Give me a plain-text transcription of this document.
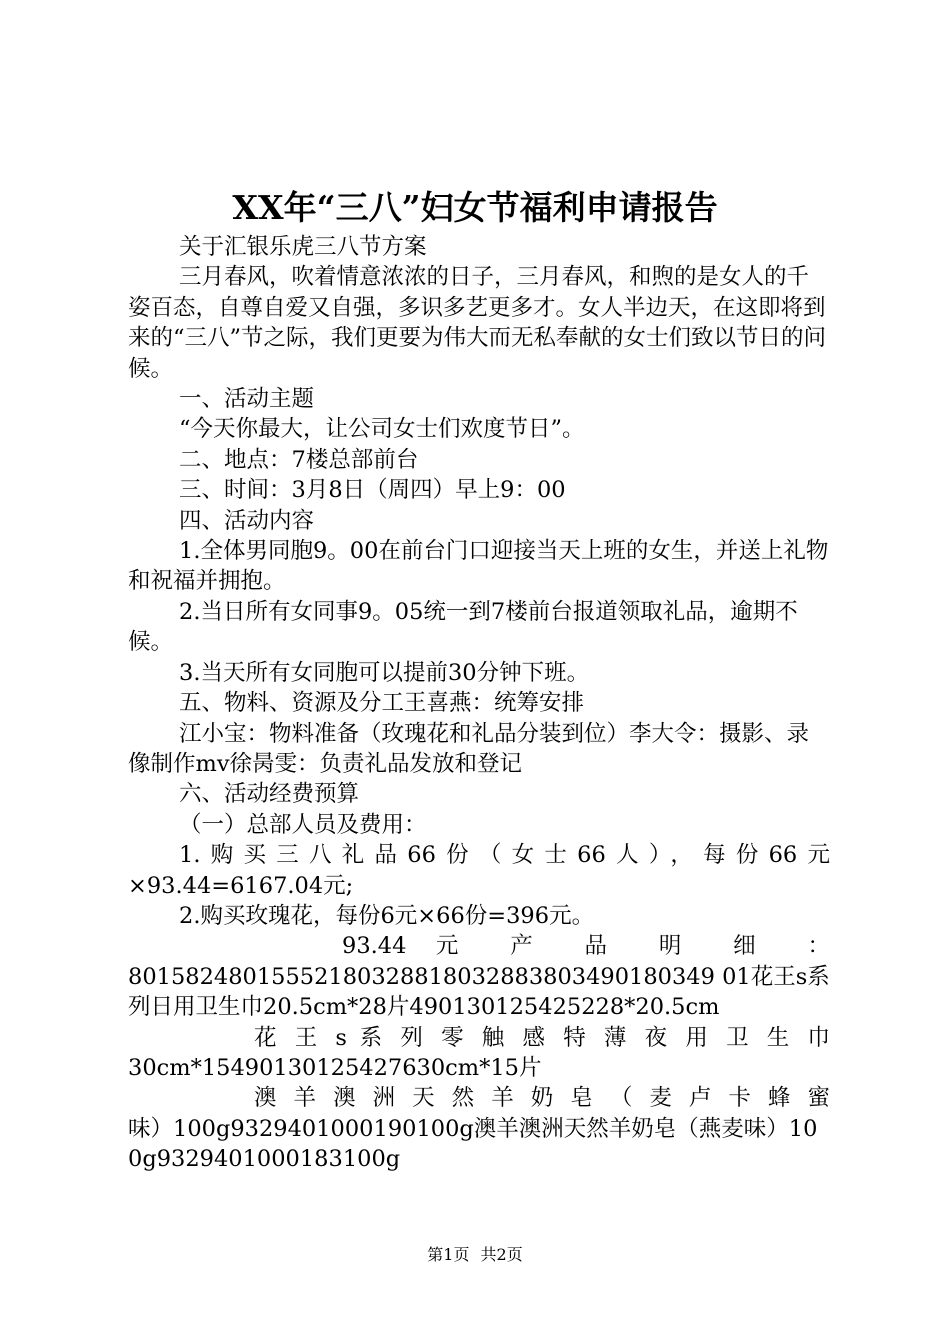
XX年“三八”妇女节福利申请报告

关于汇银乐虎三八节方案

三月春风，吹着情意浓浓的日子，三月春风，和煦的是女人的千姿百态，自尊自爱又自强，多识多艺更多才。女人半边天，在这即将到来的“三八”节之际，我们更要为伟大而无私奉献的女士们致以节日的问候。

一、活动主题

“今天你最大，让公司女士们欢度节日”。

二、地点：7楼总部前台

三、时间：3月8日（周四）早上9：00

四、活动内容

1.全体男同胞9。00在前台门口迎接当天上班的女生，并送上礼物和祝福并拥抱。

2.当日所有女同事9。05统一到7楼前台报道领取礼品，逾期不候。

3.当天所有女同胞可以提前30分钟下班。

五、物料、资源及分工王喜燕：统筹安排

江小宝：物料准备（玫瑰花和礼品分装到位）李大令：摄影、录像制作mv徐昺雯：负责礼品发放和登记

六、活动经费预算

（一）总部人员及费用：

1.购买三八礼品66份（女士66人），每份66元
×93.44=6167.04元;

2.购买玫瑰花，每份6元×66份=396元。

93.44 元 产 品 明 细 ：
80158248015552180328818032883803490180349 01花王s系列日用卫生巾20.5cm*28片490130125425228*20.5cm

花 王 s 系 列 零 触 感 特 薄 夜 用 卫 生 巾
30cm*15490130125427630cm*15片

澳 羊 澳 洲 天 然 羊 奶 皂 （ 麦 卢 卡 蜂 蜜
味）100g9329401000190100g澳羊澳洲天然羊奶皂（燕麦味）100g9329401000183100g

第1页 共2页
